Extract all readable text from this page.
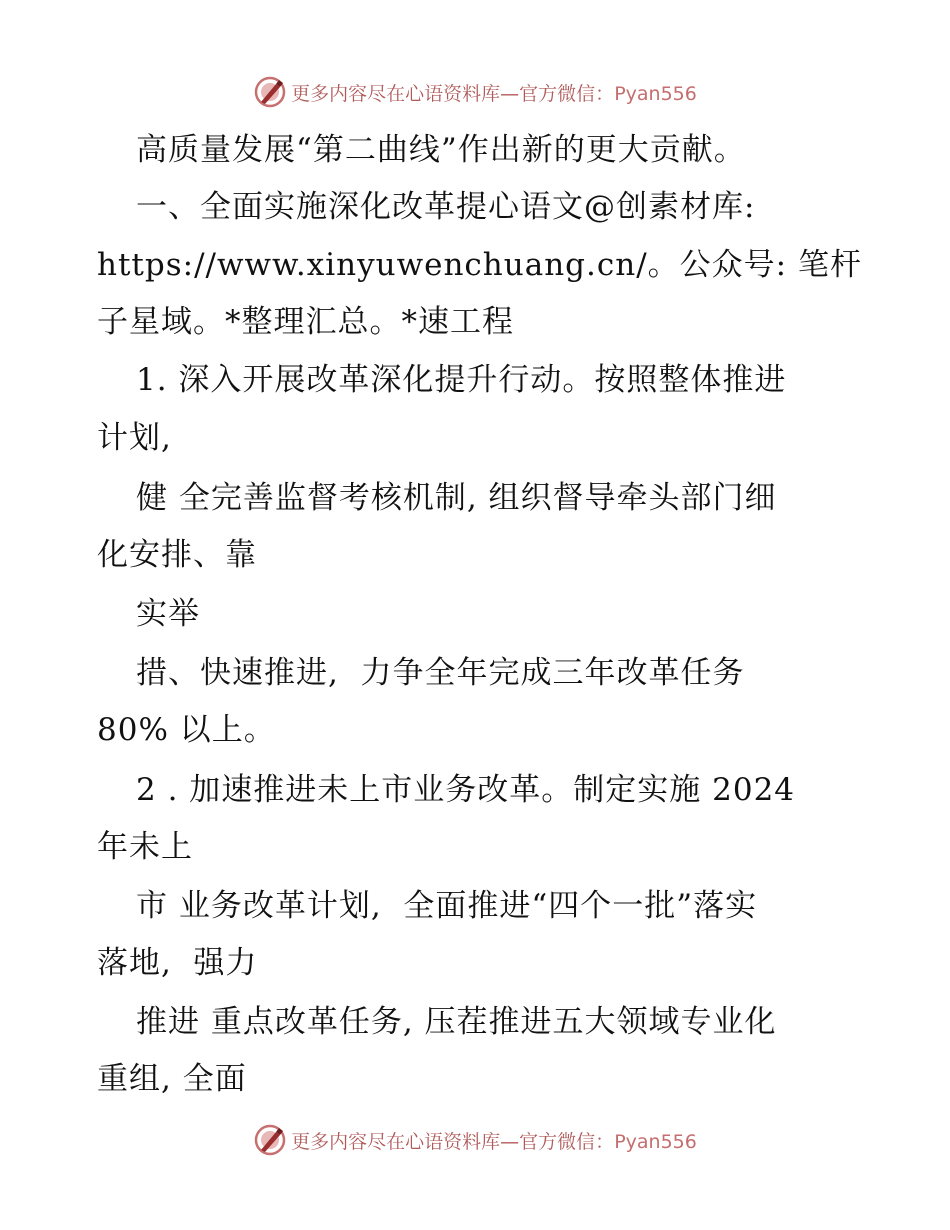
更多内容尽在心语资料库—官方微信：Pyan556
高质量发展“第二曲线”作出新的更大贡献。
一、全面实施深化改革提心语文@创素材库:
https://www.xinyuwenchuang.cn/。公众号: 笔杆
子星域。*整理汇总。*速工程
1. 深入开展改革深化提升行动。按照整体推进
计划,
健 全完善监督考核机制, 组织督导牵头部门细
化安排、靠
实举
措、快速推进,  力争全年完成三年改革任务
80% 以上。
2 . 加速推进未上市业务改革。制定实施 2024
年未上
市 业务改革计划,  全面推进“四个一批”落实
落地,  强力
推进 重点改革任务, 压茬推进五大领域专业化
重组, 全面
更多内容尽在心语资料库—官方微信：Pyan556
